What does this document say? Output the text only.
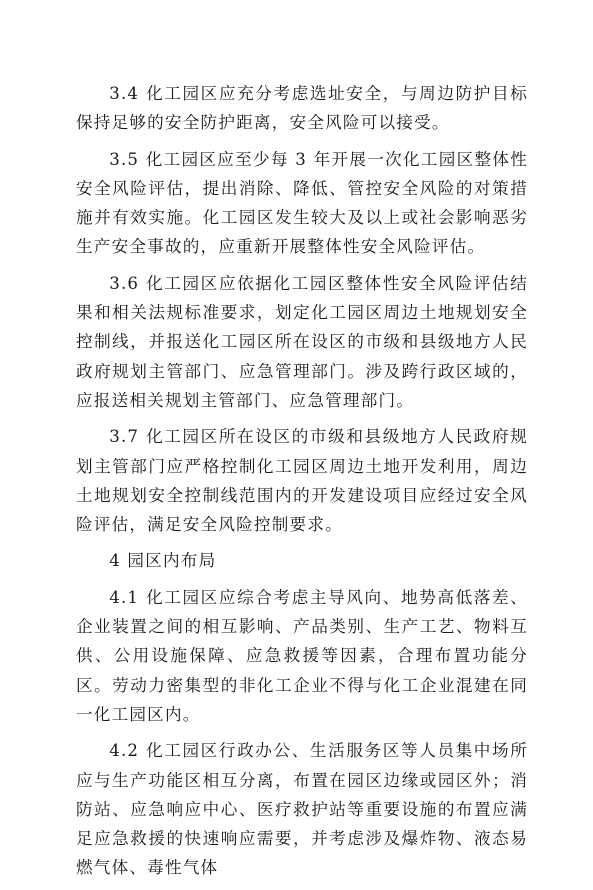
3.4 化工园区应充分考虑选址安全，与周边防护目标保持足够的安全防护距离，安全风险可以接受。

3.5 化工园区应至少每 3 年开展一次化工园区整体性安全风险评估，提出消除、降低、管控安全风险的对策措施并有效实施。化工园区发生较大及以上或社会影响恶劣生产安全事故的，应重新开展整体性安全风险评估。

3.6 化工园区应依据化工园区整体性安全风险评估结果和相关法规标准要求，划定化工园区周边土地规划安全控制线，并报送化工园区所在设区的市级和县级地方人民政府规划主管部门、应急管理部门。涉及跨行政区域的，应报送相关规划主管部门、应急管理部门。

3.7 化工园区所在设区的市级和县级地方人民政府规划主管部门应严格控制化工园区周边土地开发利用，周边土地规划安全控制线范围内的开发建设项目应经过安全风险评估，满足安全风险控制要求。

4 园区内布局

4.1 化工园区应综合考虑主导风向、地势高低落差、企业装置之间的相互影响、产品类别、生产工艺、物料互供、公用设施保障、应急救援等因素，合理布置功能分区。劳动力密集型的非化工企业不得与化工企业混建在同一化工园区内。

4.2 化工园区行政办公、生活服务区等人员集中场所应与生产功能区相互分离，布置在园区边缘或园区外；消防站、应急响应中心、医疗救护站等重要设施的布置应满足应急救援的快速响应需要，并考虑涉及爆炸物、液态易燃气体、毒性气体
